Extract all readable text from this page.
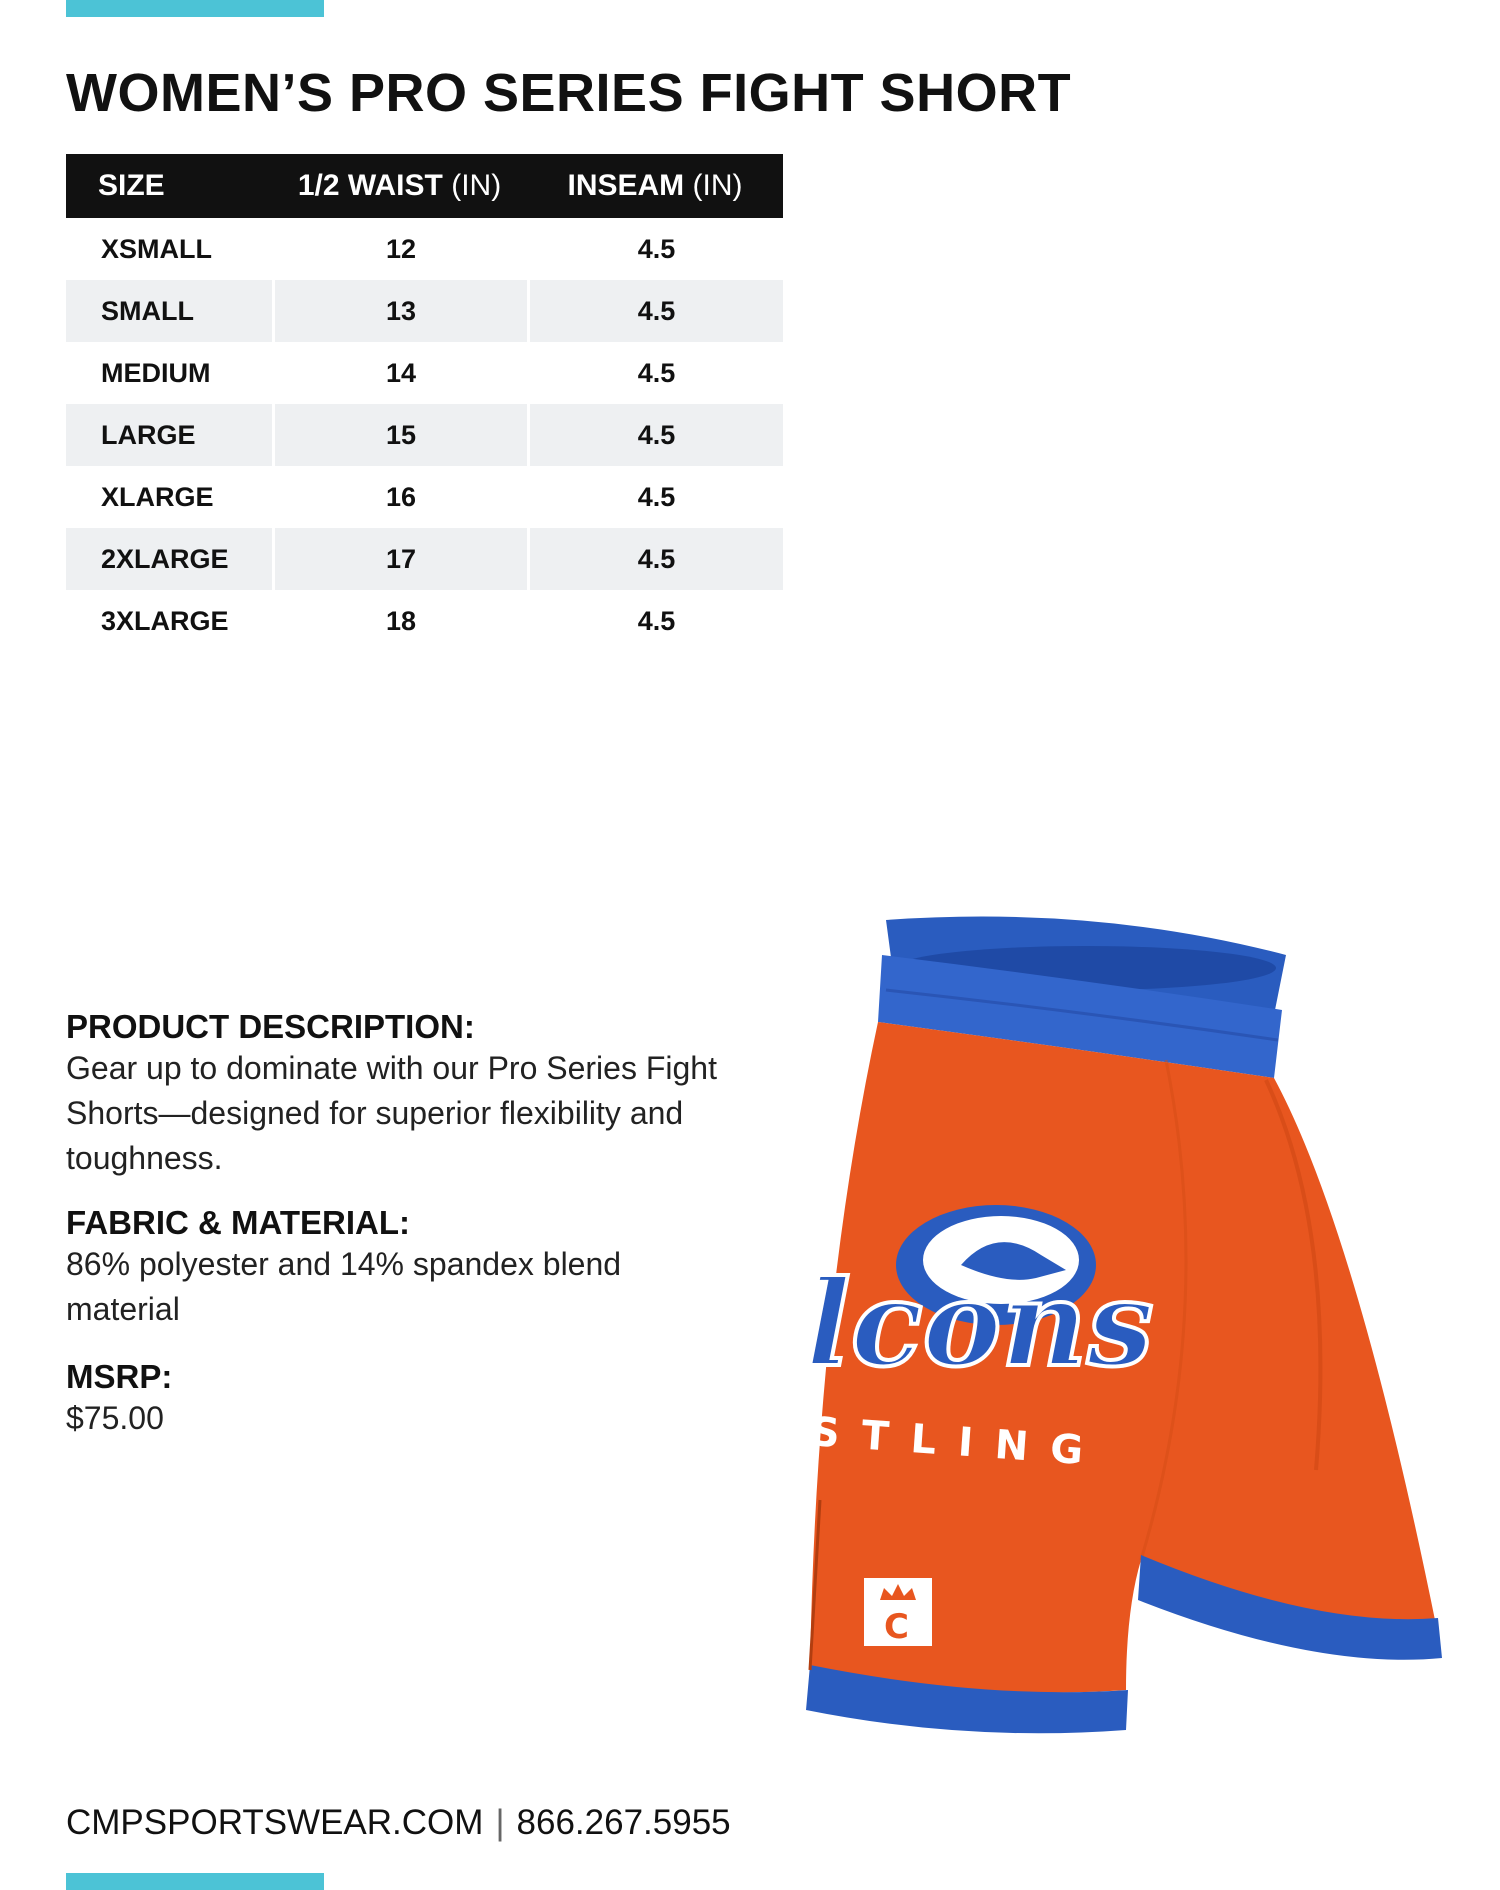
WOMEN’S PRO SERIES FIGHT SHORT
SIZE	1/2 WAIST (IN)	INSEAM (IN)
XSMALL	12	4.5
SMALL	13	4.5
MEDIUM	14	4.5
LARGE	15	4.5
XLARGE	16	4.5
2XLARGE	17	4.5
3XLARGE	18	4.5
PRODUCT DESCRIPTION:

Gear up to dominate with our Pro Series Fight Shorts—designed for superior flexibility and toughness.

FABRIC & MATERIAL:

86% polyester and 14% spandex blend material

MSRP:

$75.00

lcons
STLING
C
CMPSPORTSWEAR.COM | 866.267.5955
